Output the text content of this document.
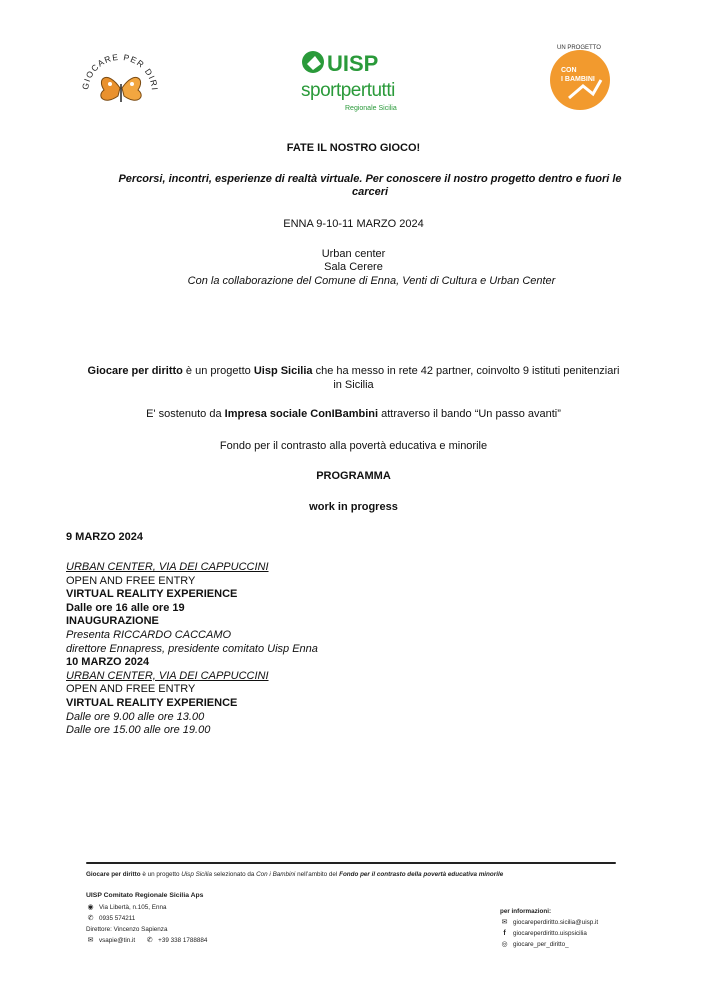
GIOCARE PER DIRI
UISP
sportpertutti
Regionale Sicilia
UN PROGETTO
CON
I BAMBINI
FATE IL NOSTRO GIOCO!
Percorsi, incontri, esperienze di realtà virtuale. Per conoscere il nostro progetto dentro e fuori le
carceri
ENNA 9-10-11 MARZO 2024
Urban center
Sala Cerere
Con la collaborazione del Comune di Enna, Venti di Cultura e Urban Center
Giocare per diritto è un progetto Uisp Sicilia che ha messo in rete 42 partner, coinvolto 9 istituti penitenziari
in Sicilia
E' sostenuto da Impresa sociale ConIBambini attraverso il bando “Un passo avanti”
Fondo per il contrasto alla povertà educativa e minorile
PROGRAMMA
work in progress
9 MARZO 2024
URBAN CENTER, VIA DEI CAPPUCCINI
OPEN AND FREE ENTRY
VIRTUAL REALITY EXPERIENCE
Dalle ore 16 alle ore 19
INAUGURAZIONE
Presenta RICCARDO CACCAMO
direttore Ennapress, presidente comitato Uisp Enna
10 MARZO 2024
URBAN CENTER, VIA DEI CAPPUCCINI
OPEN AND FREE ENTRY
VIRTUAL REALITY EXPERIENCE
Dalle ore 9.00 alle ore 13.00
Dalle ore 15.00 alle ore 19.00
Giocare per diritto è un progetto Uisp Sicilia selezionato da Con i Bambini nell’ambito del Fondo per il contrasto della povertà educativa minorile
UISP Comitato Regionale Sicilia Aps
◉ Via Libertà, n.105, Enna
✆ 0935 574211
Direttore: Vincenzo Sapienza
✉ vsapie@tin.it ✆ +39 338 1788884
per informazioni:
✉ giocareperdiritto.sicilia@uisp.it
f giocareperdiritto.uispsicilia
◎ giocare_per_diritto_
